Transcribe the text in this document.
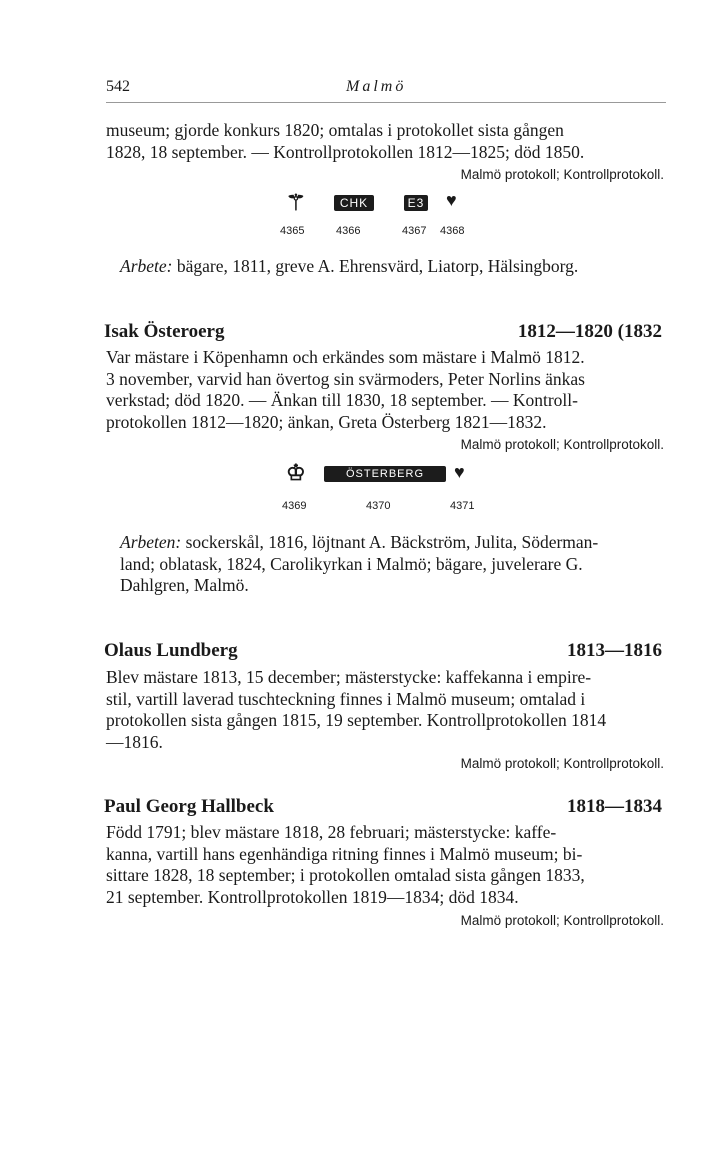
542	Malmö
museum; gjorde konkurs 1820; omtalas i protokollet sista gången
1828, 18 september. — Kontrollprotokollen 1812—1825; död 1850.
Malmö protokoll; Kontrollprotokoll.
⚚
4365
CHK
4366
E3
4367
♥
4368
Arbete: bägare, 1811, greve A. Ehrensvärd, Liatorp, Hälsingborg.
Isak Österoerg	1812—1820 (1832
Var mästare i Köpenhamn och erkändes som mästare i Malmö 1812.
3 november, varvid han övertog sin svärmoders, Peter Norlins änkas
verkstad; död 1820. — Änkan till 1830, 18 september. — Kontroll-
protokollen 1812—1820; änkan, Greta Österberg 1821—1832.
Malmö protokoll; Kontrollprotokoll.
♔
4369
ÖSTERBERG
4370
♥
4371
Arbeten: sockerskål, 1816, löjtnant A. Bäckström, Julita, Söderman-
land; oblatask, 1824, Carolikyrkan i Malmö; bägare, juvelerare G.
Dahlgren, Malmö.
Olaus Lundberg	1813—1816
Blev mästare 1813, 15 december; mästerstycke: kaffekanna i empire-
stil, vartill laverad tuschteckning finnes i Malmö museum; omtalad i
protokollen sista gången 1815, 19 september. Kontrollprotokollen 1814
—1816.
Malmö protokoll; Kontrollprotokoll.
Paul Georg Hallbeck	1818—1834
Född 1791; blev mästare 1818, 28 februari; mästerstycke: kaffe-
kanna, vartill hans egenhändiga ritning finnes i Malmö museum; bi-
sittare 1828, 18 september; i protokollen omtalad sista gången 1833,
21 september. Kontrollprotokollen 1819—1834; död 1834.
Malmö protokoll; Kontrollprotokoll.
